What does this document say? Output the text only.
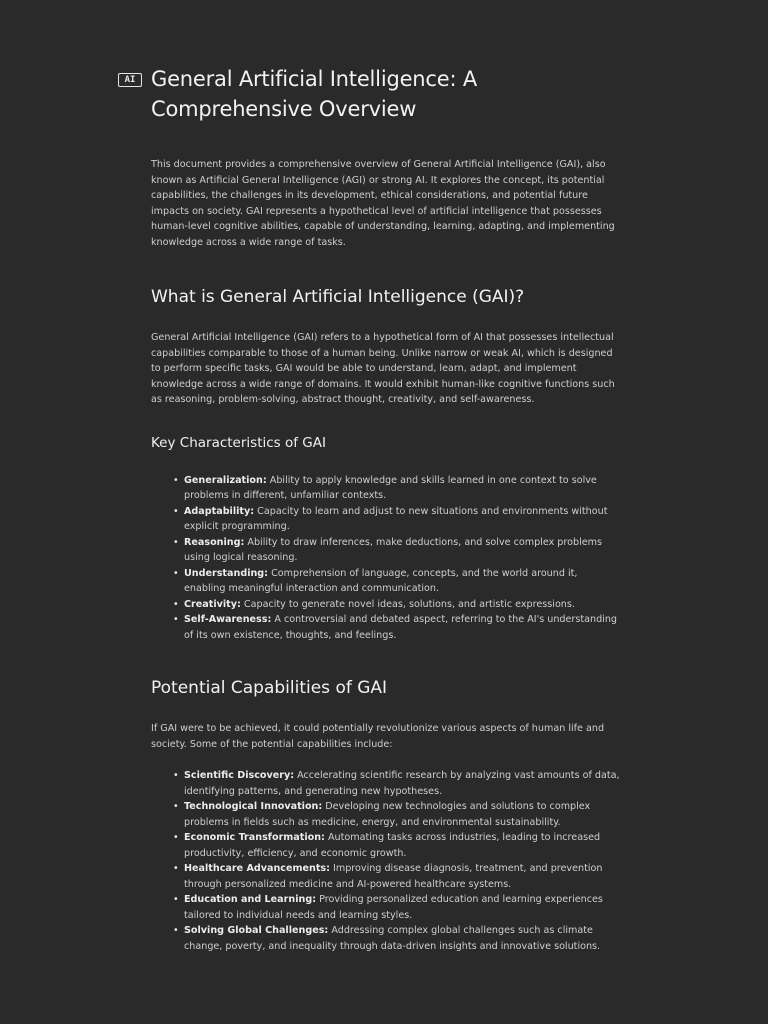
AI General Artificial Intelligence: A Comprehensive Overview

This document provides a comprehensive overview of General Artificial Intelligence (GAI), also known as Artificial General Intelligence (AGI) or strong AI. It explores the concept, its potential capabilities, the challenges in its development, ethical considerations, and potential future impacts on society. GAI represents a hypothetical level of artificial intelligence that possesses human-level cognitive abilities, capable of understanding, learning, adapting, and implementing knowledge across a wide range of tasks.

What is General Artificial Intelligence (GAI)?

General Artificial Intelligence (GAI) refers to a hypothetical form of AI that possesses intellectual capabilities comparable to those of a human being. Unlike narrow or weak AI, which is designed to perform specific tasks, GAI would be able to understand, learn, adapt, and implement knowledge across a wide range of domains. It would exhibit human-like cognitive functions such as reasoning, problem-solving, abstract thought, creativity, and self-awareness.

Key Characteristics of GAI
• Generalization: Ability to apply knowledge and skills learned in one context to solve problems in different, unfamiliar contexts.
• Adaptability: Capacity to learn and adjust to new situations and environments without explicit programming.
• Reasoning: Ability to draw inferences, make deductions, and solve complex problems using logical reasoning.
• Understanding: Comprehension of language, concepts, and the world around it, enabling meaningful interaction and communication.
• Creativity: Capacity to generate novel ideas, solutions, and artistic expressions.
• Self-Awareness: A controversial and debated aspect, referring to the AI's understanding of its own existence, thoughts, and feelings.
Potential Capabilities of GAI

If GAI were to be achieved, it could potentially revolutionize various aspects of human life and society. Some of the potential capabilities include:

• Scientific Discovery: Accelerating scientific research by analyzing vast amounts of data, identifying patterns, and generating new hypotheses.
• Technological Innovation: Developing new technologies and solutions to complex problems in fields such as medicine, energy, and environmental sustainability.
• Economic Transformation: Automating tasks across industries, leading to increased productivity, efficiency, and economic growth.
• Healthcare Advancements: Improving disease diagnosis, treatment, and prevention through personalized medicine and AI-powered healthcare systems.
• Education and Learning: Providing personalized education and learning experiences tailored to individual needs and learning styles.
• Solving Global Challenges: Addressing complex global challenges such as climate change, poverty, and inequality through data-driven insights and innovative solutions.
